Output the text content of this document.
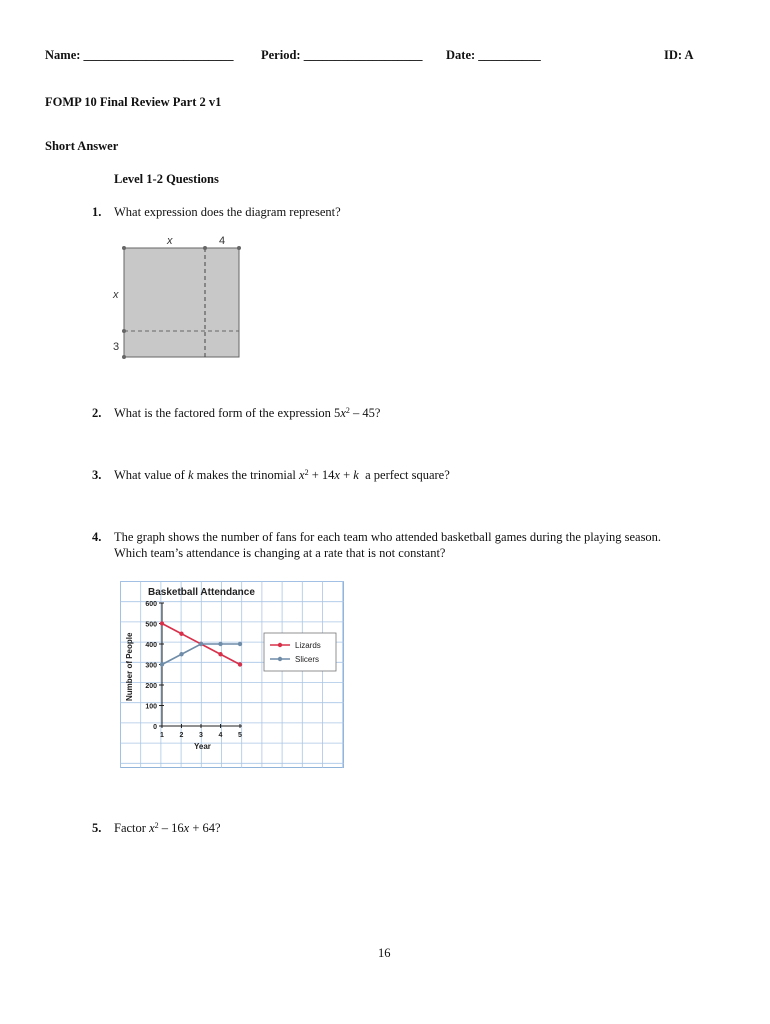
Name: ________________________ Period: ___________________ Date: __________	ID: A
FOMP 10 Final Review Part 2 v1
Short Answer
Level 1-2 Questions
1. What expression does the diagram represent?
x	4
x
3
2. What is the factored form of the expression $5x^2 - 45$?
3. What value of k makes the trinomial $x^2 + 14x + k$  a perfect square?
4. The graph shows the number of fans for each team who attended basketball games during the playing season.
Which team’s attendance is changing at a rate that is not constant?
0
100
200
300
400
500
600
1 2 3 4 5
Lizards
Slicers
Basketball Attendance
Year
Number of People
5. Factor $x^2 - 16x + 64$?
16
